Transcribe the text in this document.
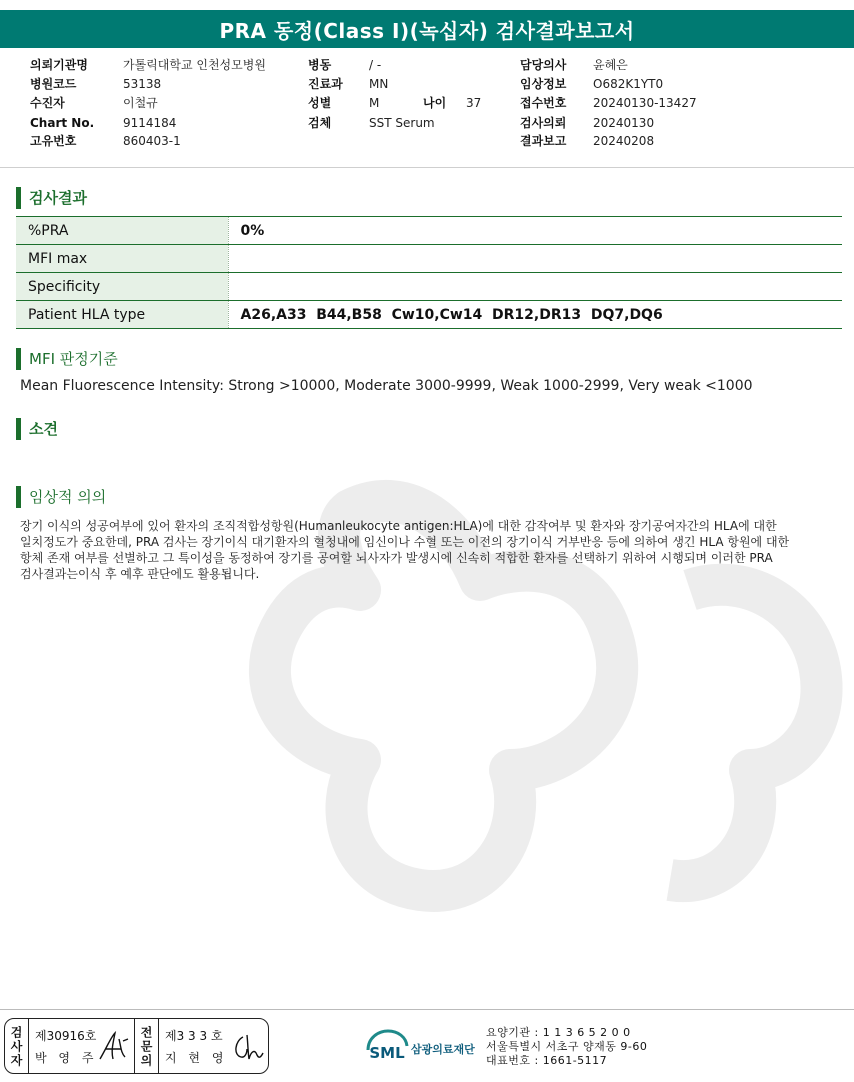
PRA 동정(Class I)(녹십자) 검사결과보고서
의뢰기관명	가톨릭대학교 인천성모병원	병동	/ -	담당의사 윤혜은
병원코드	53138	진료과 MN	임상정보 O682K1YT0
수진자	이철규	성별	M	나이 37	접수번호 20240130-13427
Chart No. 9114184	검체	SST Serum	검사의뢰 20240130
고유번호	860403-1	결과보고 20240208
검사결과
%PRA	0%
MFI max	
Specificity	
Patient HLA type	A26,A33  B44,B58  Cw10,Cw14  DR12,DR13  DQ7,DQ6
MFI 판정기준
Mean Fluorescence Intensity: Strong >10000, Moderate 3000-9999, Weak 1000-2999, Very weak <1000
소견
임상적 의의
장기 이식의 성공여부에 있어 환자의 조직적합성항원(Humanleukocyte antigen:HLA)에 대한 감작여부 및 환자와 장기공여자간의 HLA에 대한
일치정도가 중요한데, PRA 검사는 장기이식 대기환자의 혈청내에 임신이나 수혈 또는 이전의 장기이식 거부반응 등에 의하여 생긴 HLA 항원에 대한
항체 존재 여부를 선별하고 그 특이성을 동정하여 장기를 공여할 뇌사자가 발생시에 신속히 적합한 환자를 선택하기 위하여 시행되며 이러한 PRA
검사결과는이식 후 예후 판단에도 활용됩니다.
검사자	제30916호
박 영 주	전문의	제3 3 3 호
지 현 영	SML 삼광의료재단
요양기관 : 1 1 3 6 5 2 0 0
서울특별시 서초구 양재동 9-60
대표번호 : 1661-5117
